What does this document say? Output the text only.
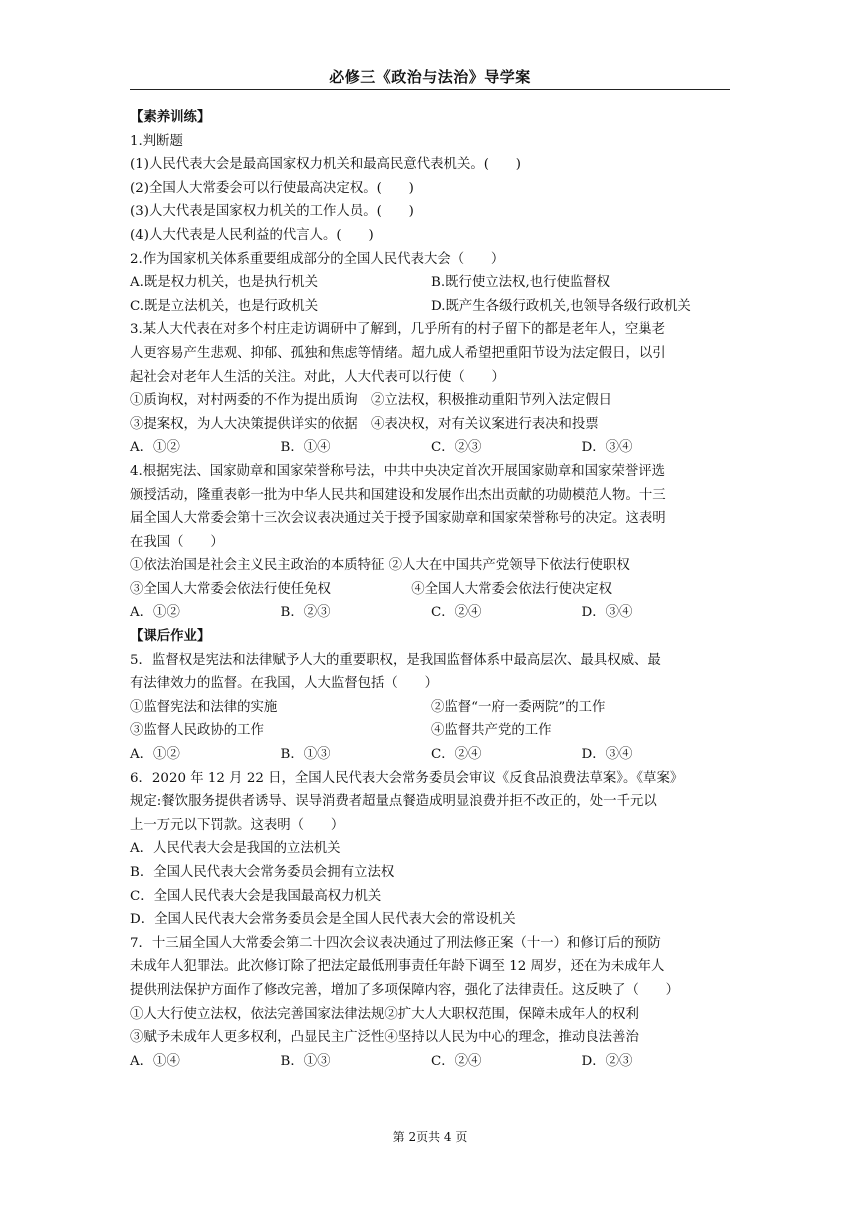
必修三《政治与法治》导学案
【素养训练】
1.判断题
(1)人民代表大会是最高国家权力机关和最高民意代表机关。(　　)
(2)全国人大常委会可以行使最高决定权。(　　)
(3)人大代表是国家权力机关的工作人员。(　　)
(4)人大代表是人民利益的代言人。(　　)
2.作为国家机关体系重要组成部分的全国人民代表大会（　　）
A.既是权力机关，也是执行机关	B.既行使立法权,也行使监督权
C.既是立法机关，也是行政机关	D.既产生各级行政机关,也领导各级行政机关
3.某人大代表在对多个村庄走访调研中了解到，几乎所有的村子留下的都是老年人，空巢老
人更容易产生悲观、抑郁、孤独和焦虑等情绪。超九成人希望把重阳节设为法定假日，以引
起社会对老年人生活的关注。对此，人大代表可以行使（　　）
①质询权，对村两委的不作为提出质询　②立法权，积极推动重阳节列入法定假日
③提案权，为人大决策提供详实的依据　④表决权，对有关议案进行表决和投票
A．①②	B．①④	C．②③	D．③④
4.根据宪法、国家勋章和国家荣誉称号法，中共中央决定首次开展国家勋章和国家荣誉评选
颁授活动，隆重表彰一批为中华人民共和国建设和发展作出杰出贡献的功勋模范人物。十三
届全国人大常委会第十三次会议表决通过关于授予国家勋章和国家荣誉称号的决定。这表明
在我国（　　）
①依法治国是社会主义民主政治的本质特征 ②人大在中国共产党领导下依法行使职权
③全国人大常委会依法行使任免权　　　　　　④全国人大常委会依法行使决定权
A．①②	B．②③	C．②④	D．③④
【课后作业】
5．监督权是宪法和法律赋予人大的重要职权，是我国监督体系中最高层次、最具权威、最
有法律效力的监督。在我国，人大监督包括（　　）
①监督宪法和法律的实施	②监督“一府一委两院”的工作
③监督人民政协的工作	④监督共产党的工作
A．①②	B．①③	C．②④	D．③④
6．2020 年 12 月 22 日，全国人民代表大会常务委员会审议《反食品浪费法草案》。《草案》
规定:餐饮服务提供者诱导、误导消费者超量点餐造成明显浪费并拒不改正的，处一千元以
上一万元以下罚款。这表明（　　）
A．人民代表大会是我国的立法机关
B．全国人民代表大会常务委员会拥有立法权
C．全国人民代表大会是我国最高权力机关
D．全国人民代表大会常务委员会是全国人民代表大会的常设机关
7．十三届全国人大常委会第二十四次会议表决通过了刑法修正案（十一）和修订后的预防
未成年人犯罪法。此次修订除了把法定最低刑事责任年龄下调至 12 周岁，还在为未成年人
提供刑法保护方面作了修改完善，增加了多项保障内容，强化了法律责任。这反映了（　　）
①人大行使立法权，依法完善国家法律法规②扩大人大职权范围，保障未成年人的权利
③赋予未成年人更多权利，凸显民主广泛性④坚持以人民为中心的理念，推动良法善治
A．①④	B．①③	C．②④	D．②③
第 2页共 4 页
